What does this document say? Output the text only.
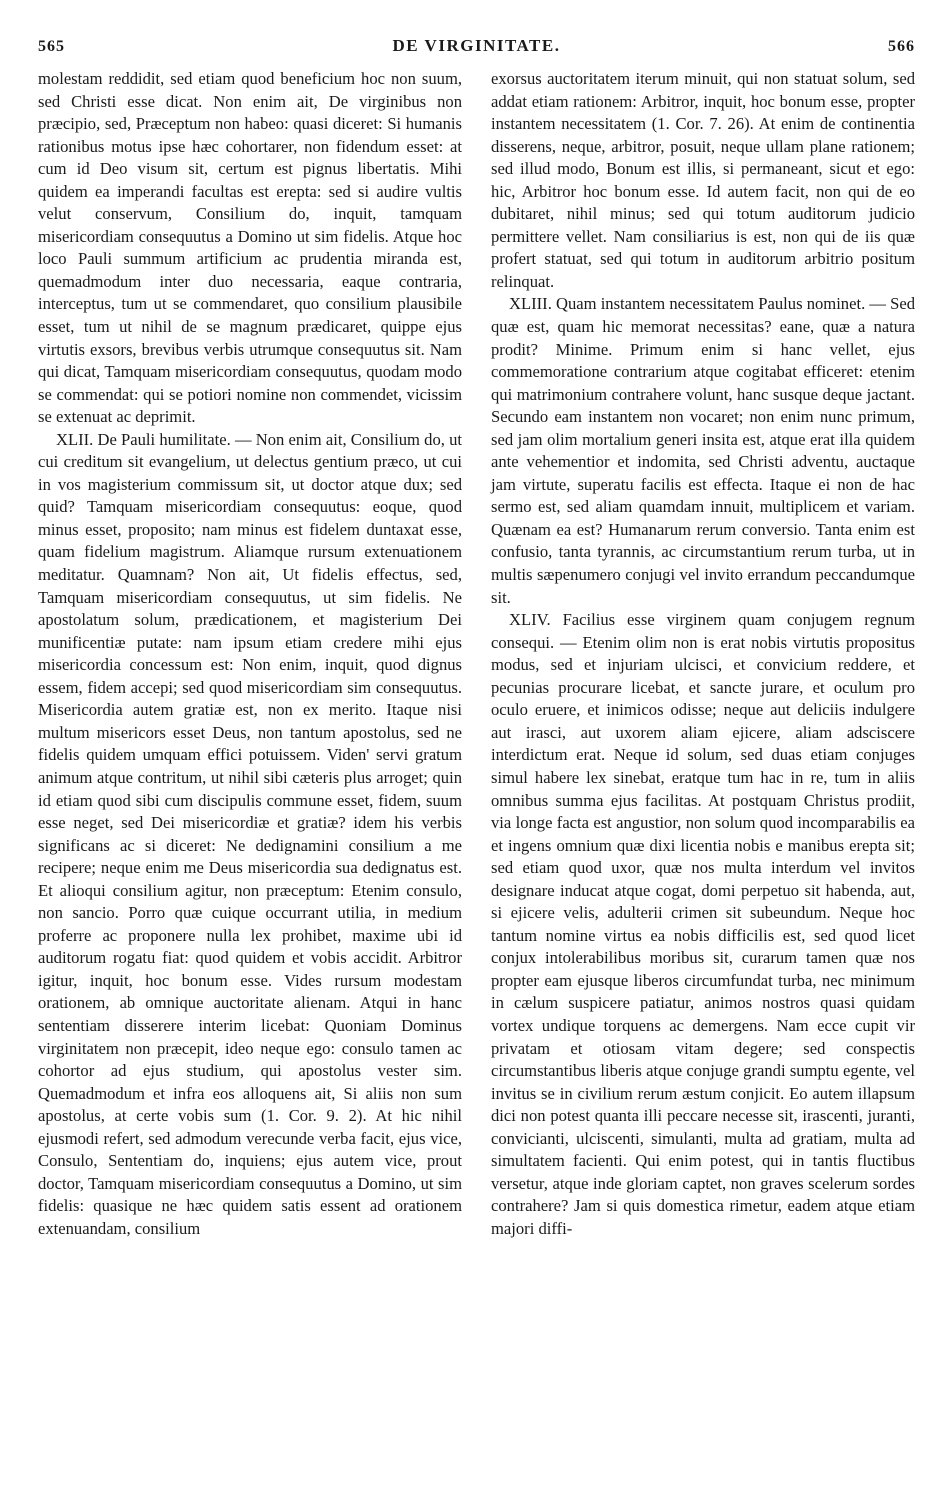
565	DE VIRGINITATE.	566

molestam reddidit, sed etiam quod beneficium hoc non suum, sed Christi esse dicat. Non enim ait, De virginibus non præcipio, sed, Præceptum non habeo: quasi diceret: Si humanis rationibus motus ipse hæc cohortarer, non fidendum esset: at cum id Deo visum sit, certum est pignus libertatis. Mihi quidem ea imperandi facultas est erepta: sed si audire vultis velut conservum, Consilium do, inquit, tamquam misericordiam consequutus a Domino ut sim fidelis. Atque hoc loco Pauli summum artificium ac prudentia miranda est, quemadmodum inter duo necessaria, eaque contraria, interceptus, tum ut se commendaret, quo consilium plausibile esset, tum ut nihil de se magnum prædicaret, quippe ejus virtutis exsors, brevibus verbis utrumque consequutus sit. Nam qui dicat, Tamquam misericordiam consequutus, quodam modo se commendat: qui se potiori nomine non commendet, vicissim se extenuat ac deprimit.

XLII. De Pauli humilitate. — Non enim ait, Consilium do, ut cui creditum sit evangelium, ut delectus gentium præco, ut cui in vos magisterium commissum sit, ut doctor atque dux; sed quid? Tamquam misericordiam consequutus: eoque, quod minus esset, proposito; nam minus est fidelem duntaxat esse, quam fidelium magistrum. Aliamque rursum extenuationem meditatur. Quamnam? Non ait, Ut fidelis effectus, sed, Tamquam misericordiam consequutus, ut sim fidelis. Ne apostolatum solum, prædicationem, et magisterium Dei munificentiæ putate: nam ipsum etiam credere mihi ejus misericordia concessum est: Non enim, inquit, quod dignus essem, fidem accepi; sed quod misericordiam sim consequutus. Misericordia autem gratiæ est, non ex merito. Itaque nisi multum misericors esset Deus, non tantum apostolus, sed ne fidelis quidem umquam effici potuissem. Viden' servi gratum animum atque contritum, ut nihil sibi cæteris plus arroget; quin id etiam quod sibi cum discipulis commune esset, fidem, suum esse neget, sed Dei misericordiæ et gratiæ? idem his verbis significans ac si diceret: Ne dedignamini consilium a me recipere; neque enim me Deus misericordia sua dedignatus est. Et alioqui consilium agitur, non præceptum: Etenim consulo, non sancio. Porro quæ cuique occurrant utilia, in medium proferre ac proponere nulla lex prohibet, maxime ubi id auditorum rogatu fiat: quod quidem et vobis accidit. Arbitror igitur, inquit, hoc bonum esse. Vides rursum modestam orationem, ab omnique auctoritate alienam. Atqui in hanc sententiam disserere interim licebat: Quoniam Dominus virginitatem non præcepit, ideo neque ego: consulo tamen ac cohortor ad ejus studium, qui apostolus vester sim. Quemadmodum et infra eos alloquens ait, Si aliis non sum apostolus, at certe vobis sum (1. Cor. 9. 2). At hic nihil ejusmodi refert, sed admodum verecunde verba facit, ejus vice, Consulo, Sententiam do, inquiens; ejus autem vice, prout doctor, Tamquam misericordiam consequutus a Domino, ut sim fidelis: quasique ne hæc quidem satis essent ad orationem extenuandam, consilium

exorsus auctoritatem iterum minuit, qui non statuat solum, sed addat etiam rationem: Arbitror, inquit, hoc bonum esse, propter instantem necessitatem (1. Cor. 7. 26). At enim de continentia disserens, neque, arbitror, posuit, neque ullam plane rationem; sed illud modo, Bonum est illis, si permaneant, sicut et ego: hic, Arbitror hoc bonum esse. Id autem facit, non qui de eo dubitaret, nihil minus; sed qui totum auditorum judicio permittere vellet. Nam consiliarius is est, non qui de iis quæ profert statuat, sed qui totum in auditorum arbitrio positum relinquat.

XLIII. Quam instantem necessitatem Paulus nominet. — Sed quæ est, quam hic memorat necessitas? eane, quæ a natura prodit? Minime. Primum enim si hanc vellet, ejus commemoratione contrarium atque cogitabat efficeret: etenim qui matrimonium contrahere volunt, hanc susque deque jactant. Secundo eam instantem non vocaret; non enim nunc primum, sed jam olim mortalium generi insita est, atque erat illa quidem ante vehementior et indomita, sed Christi adventu, auctaque jam virtute, superatu facilis est effecta. Itaque ei non de hac sermo est, sed aliam quamdam innuit, multiplicem et variam. Quænam ea est? Humanarum rerum conversio. Tanta enim est confusio, tanta tyrannis, ac circumstantium rerum turba, ut in multis sæpenumero conjugi vel invito errandum peccandumque sit.

XLIV. Facilius esse virginem quam conjugem regnum consequi. — Etenim olim non is erat nobis virtutis propositus modus, sed et injuriam ulcisci, et convicium reddere, et pecunias procurare licebat, et sancte jurare, et oculum pro oculo eruere, et inimicos odisse; neque aut deliciis indulgere aut irasci, aut uxorem aliam ejicere, aliam adsciscere interdictum erat. Neque id solum, sed duas etiam conjuges simul habere lex sinebat, eratque tum hac in re, tum in aliis omnibus summa ejus facilitas. At postquam Christus prodiit, via longe facta est angustior, non solum quod incomparabilis ea et ingens omnium quæ dixi licentia nobis e manibus erepta sit; sed etiam quod uxor, quæ nos multa interdum vel invitos designare inducat atque cogat, domi perpetuo sit habenda, aut, si ejicere velis, adulterii crimen sit subeundum. Neque hoc tantum nomine virtus ea nobis difficilis est, sed quod licet conjux intolerabilibus moribus sit, curarum tamen quæ nos propter eam ejusque liberos circumfundat turba, nec minimum in cælum suspicere patiatur, animos nostros quasi quidam vortex undique torquens ac demergens. Nam ecce cupit vir privatam et otiosam vitam degere; sed conspectis circumstantibus liberis atque conjuge grandi sumptu egente, vel invitus se in civilium rerum æstum conjicit. Eo autem illapsum dici non potest quanta illi peccare necesse sit, irascenti, juranti, convicianti, ulciscenti, simulanti, multa ad gratiam, multa ad simultatem facienti. Qui enim potest, qui in tantis fluctibus versetur, atque inde gloriam captet, non graves scelerum sordes contrahere? Jam si quis domestica rimetur, eadem atque etiam majori diffi-
